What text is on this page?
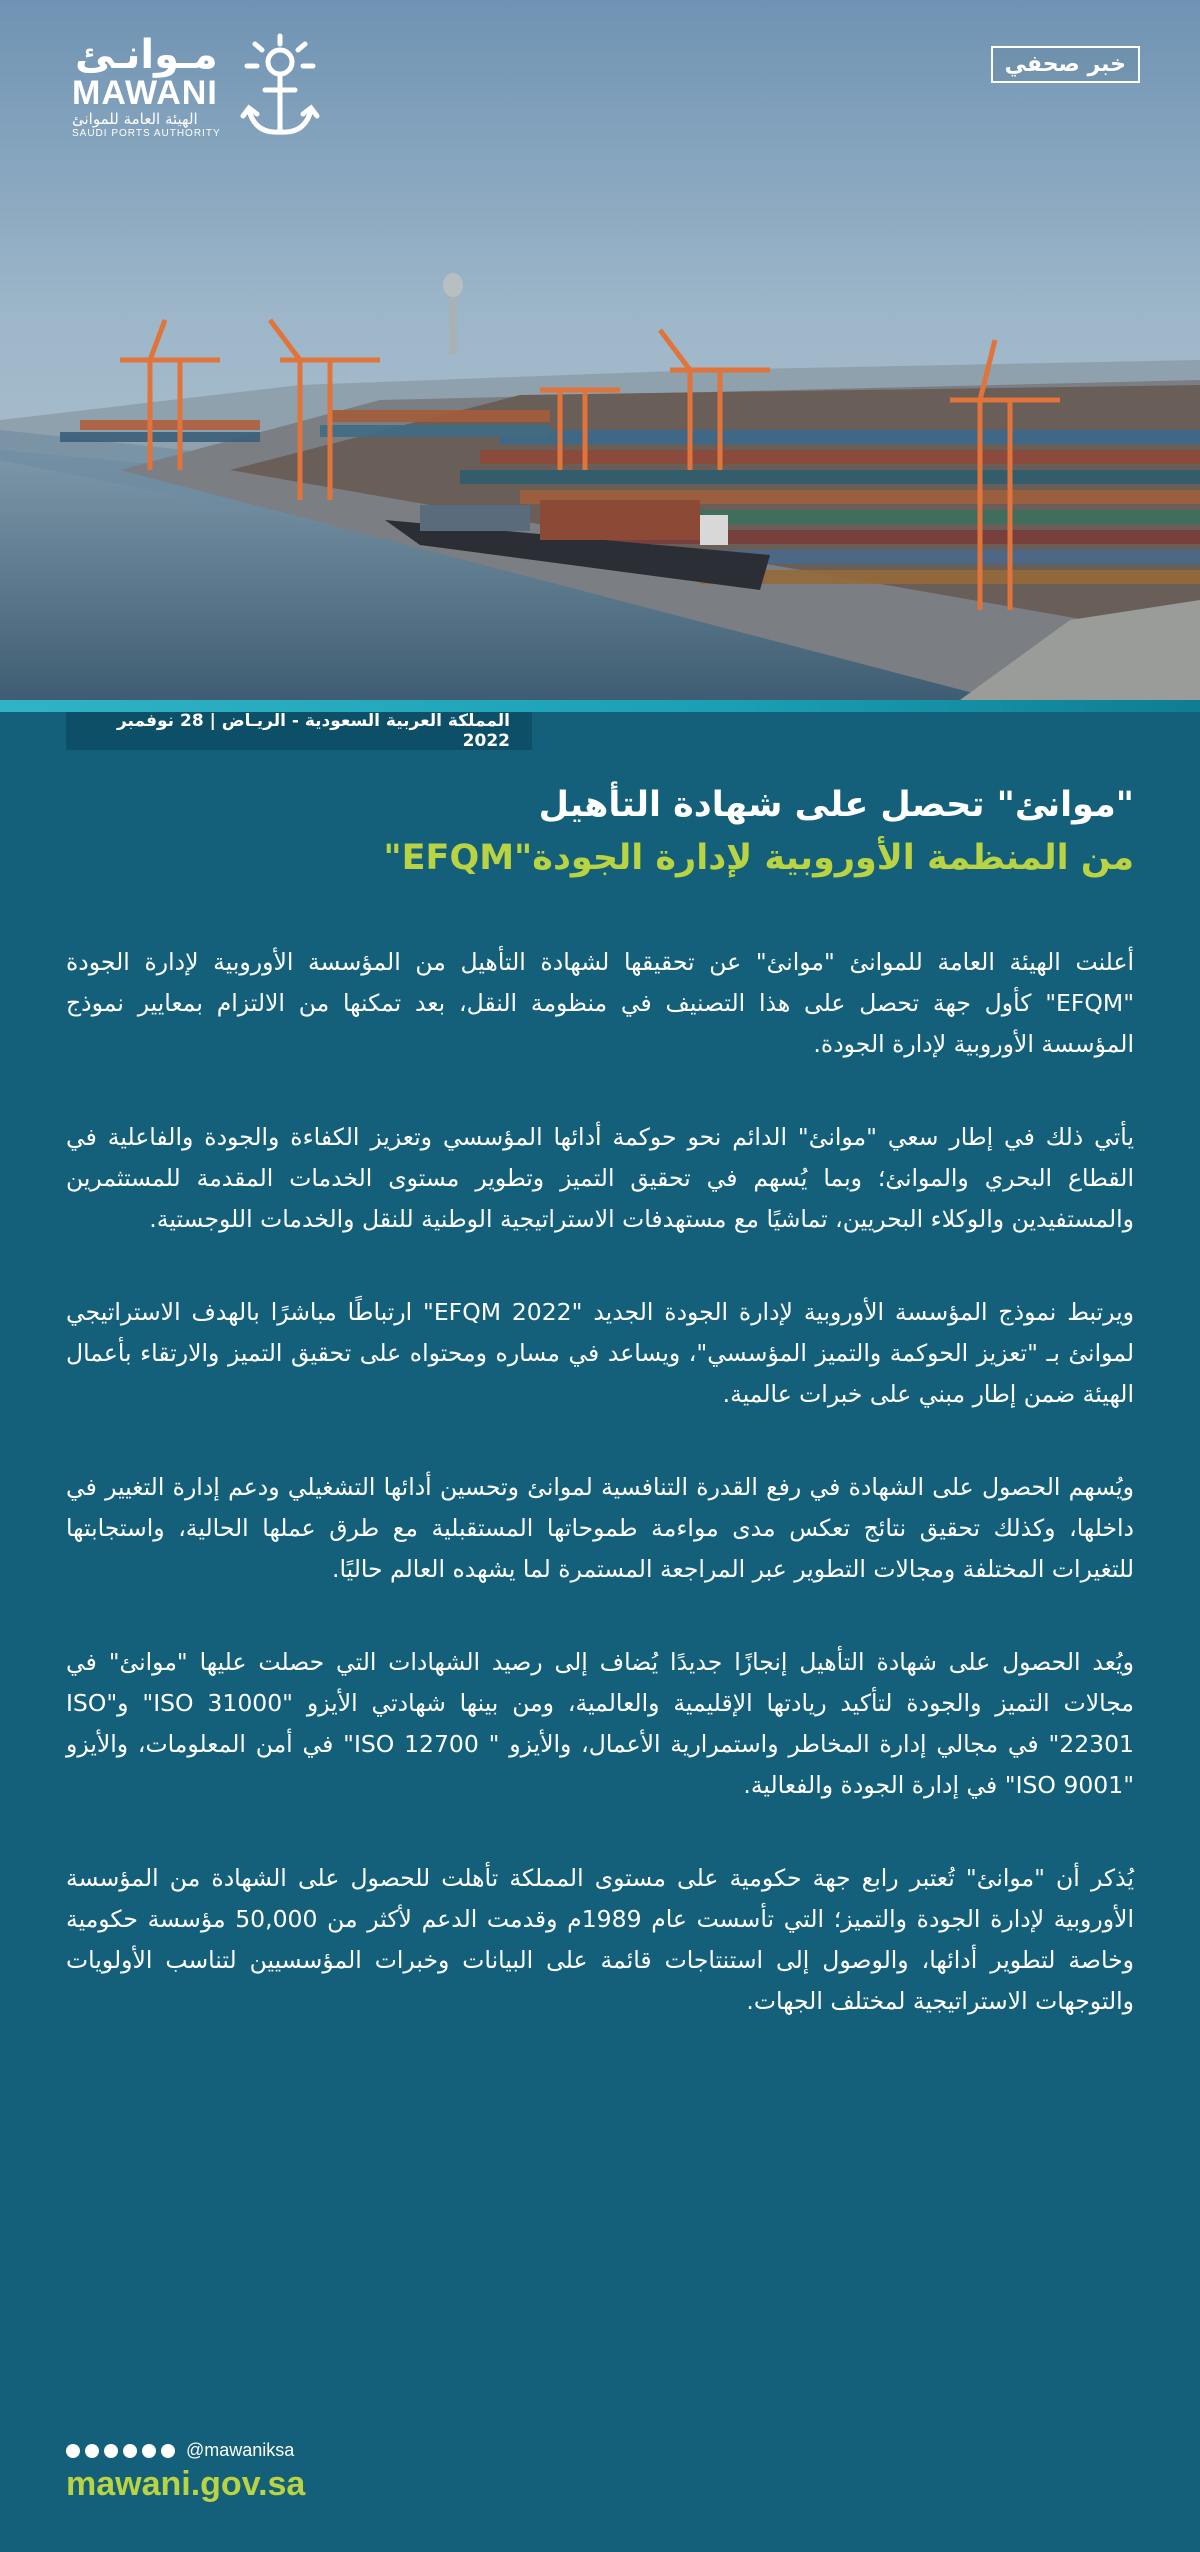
مـوانـئ
MAWANI
الهيئة العامة للموانئ
SAUDI PORTS AUTHORITY
خبر صحفي
المملكة العربية السعودية - الريـاض | 28 نوفمبر 2022
"موانئ" تحصل على شهادة التأهيل
من المنظمة الأوروبية لإدارة الجودة"EFQM"

أعلنت الهيئة العامة للموانئ "موانئ" عن تحقيقها لشهادة التأهيل من المؤسسة الأوروبية لإدارة الجودة "EFQM" كأول جهة تحصل على هذا التصنيف في منظومة النقل، بعد تمكنها من الالتزام بمعايير نموذج المؤسسة الأوروبية لإدارة الجودة.

يأتي ذلك في إطار سعي "موانئ" الدائم نحو حوكمة أدائها المؤسسي وتعزيز الكفاءة والجودة والفاعلية في القطاع البحري والموانئ؛ وبما يُسهم في تحقيق التميز وتطوير مستوى الخدمات المقدمة للمستثمرين والمستفيدين والوكلاء البحريين، تماشيًا مع مستهدفات الاستراتيجية الوطنية للنقل والخدمات اللوجستية.

ويرتبط نموذج المؤسسة الأوروبية لإدارة الجودة الجديد "EFQM 2022" ارتباطًا مباشرًا بالهدف الاستراتيجي لموانئ بـ "تعزيز الحوكمة والتميز المؤسسي"، ويساعد في مساره ومحتواه على تحقيق التميز والارتقاء بأعمال الهيئة ضمن إطار مبني على خبرات عالمية.

ويُسهم الحصول على الشهادة في رفع القدرة التنافسية لموانئ وتحسين أدائها التشغيلي ودعم إدارة التغيير في داخلها، وكذلك تحقيق نتائج تعكس مدى مواءمة طموحاتها المستقبلية مع طرق عملها الحالية، واستجابتها للتغيرات المختلفة ومجالات التطوير عبر المراجعة المستمرة لما يشهده العالم حاليًا.

ويُعد الحصول على شهادة التأهيل إنجازًا جديدًا يُضاف إلى رصيد الشهادات التي حصلت عليها "موانئ" في مجالات التميز والجودة لتأكيد ريادتها الإقليمية والعالمية، ومن بينها شهادتي الأيزو "ISO 31000" و"ISO 22301" في مجالي إدارة المخاطر واستمرارية الأعمال، والأيزو " ISO 12700" في أمن المعلومات، والأيزو "ISO 9001" في إدارة الجودة والفعالية.

يُذكر أن "موانئ" تُعتبر رابع جهة حكومية على مستوى المملكة تأهلت للحصول على الشهادة من المؤسسة الأوروبية لإدارة الجودة والتميز؛ التي تأسست عام 1989م وقدمت الدعم لأكثر من 50,000 مؤسسة حكومية وخاصة لتطوير أدائها، والوصول إلى استنتاجات قائمة على البيانات وخبرات المؤسسيين لتناسب الأولويات والتوجهات الاستراتيجية لمختلف الجهات.

@mawaniksa
mawani.gov.sa
